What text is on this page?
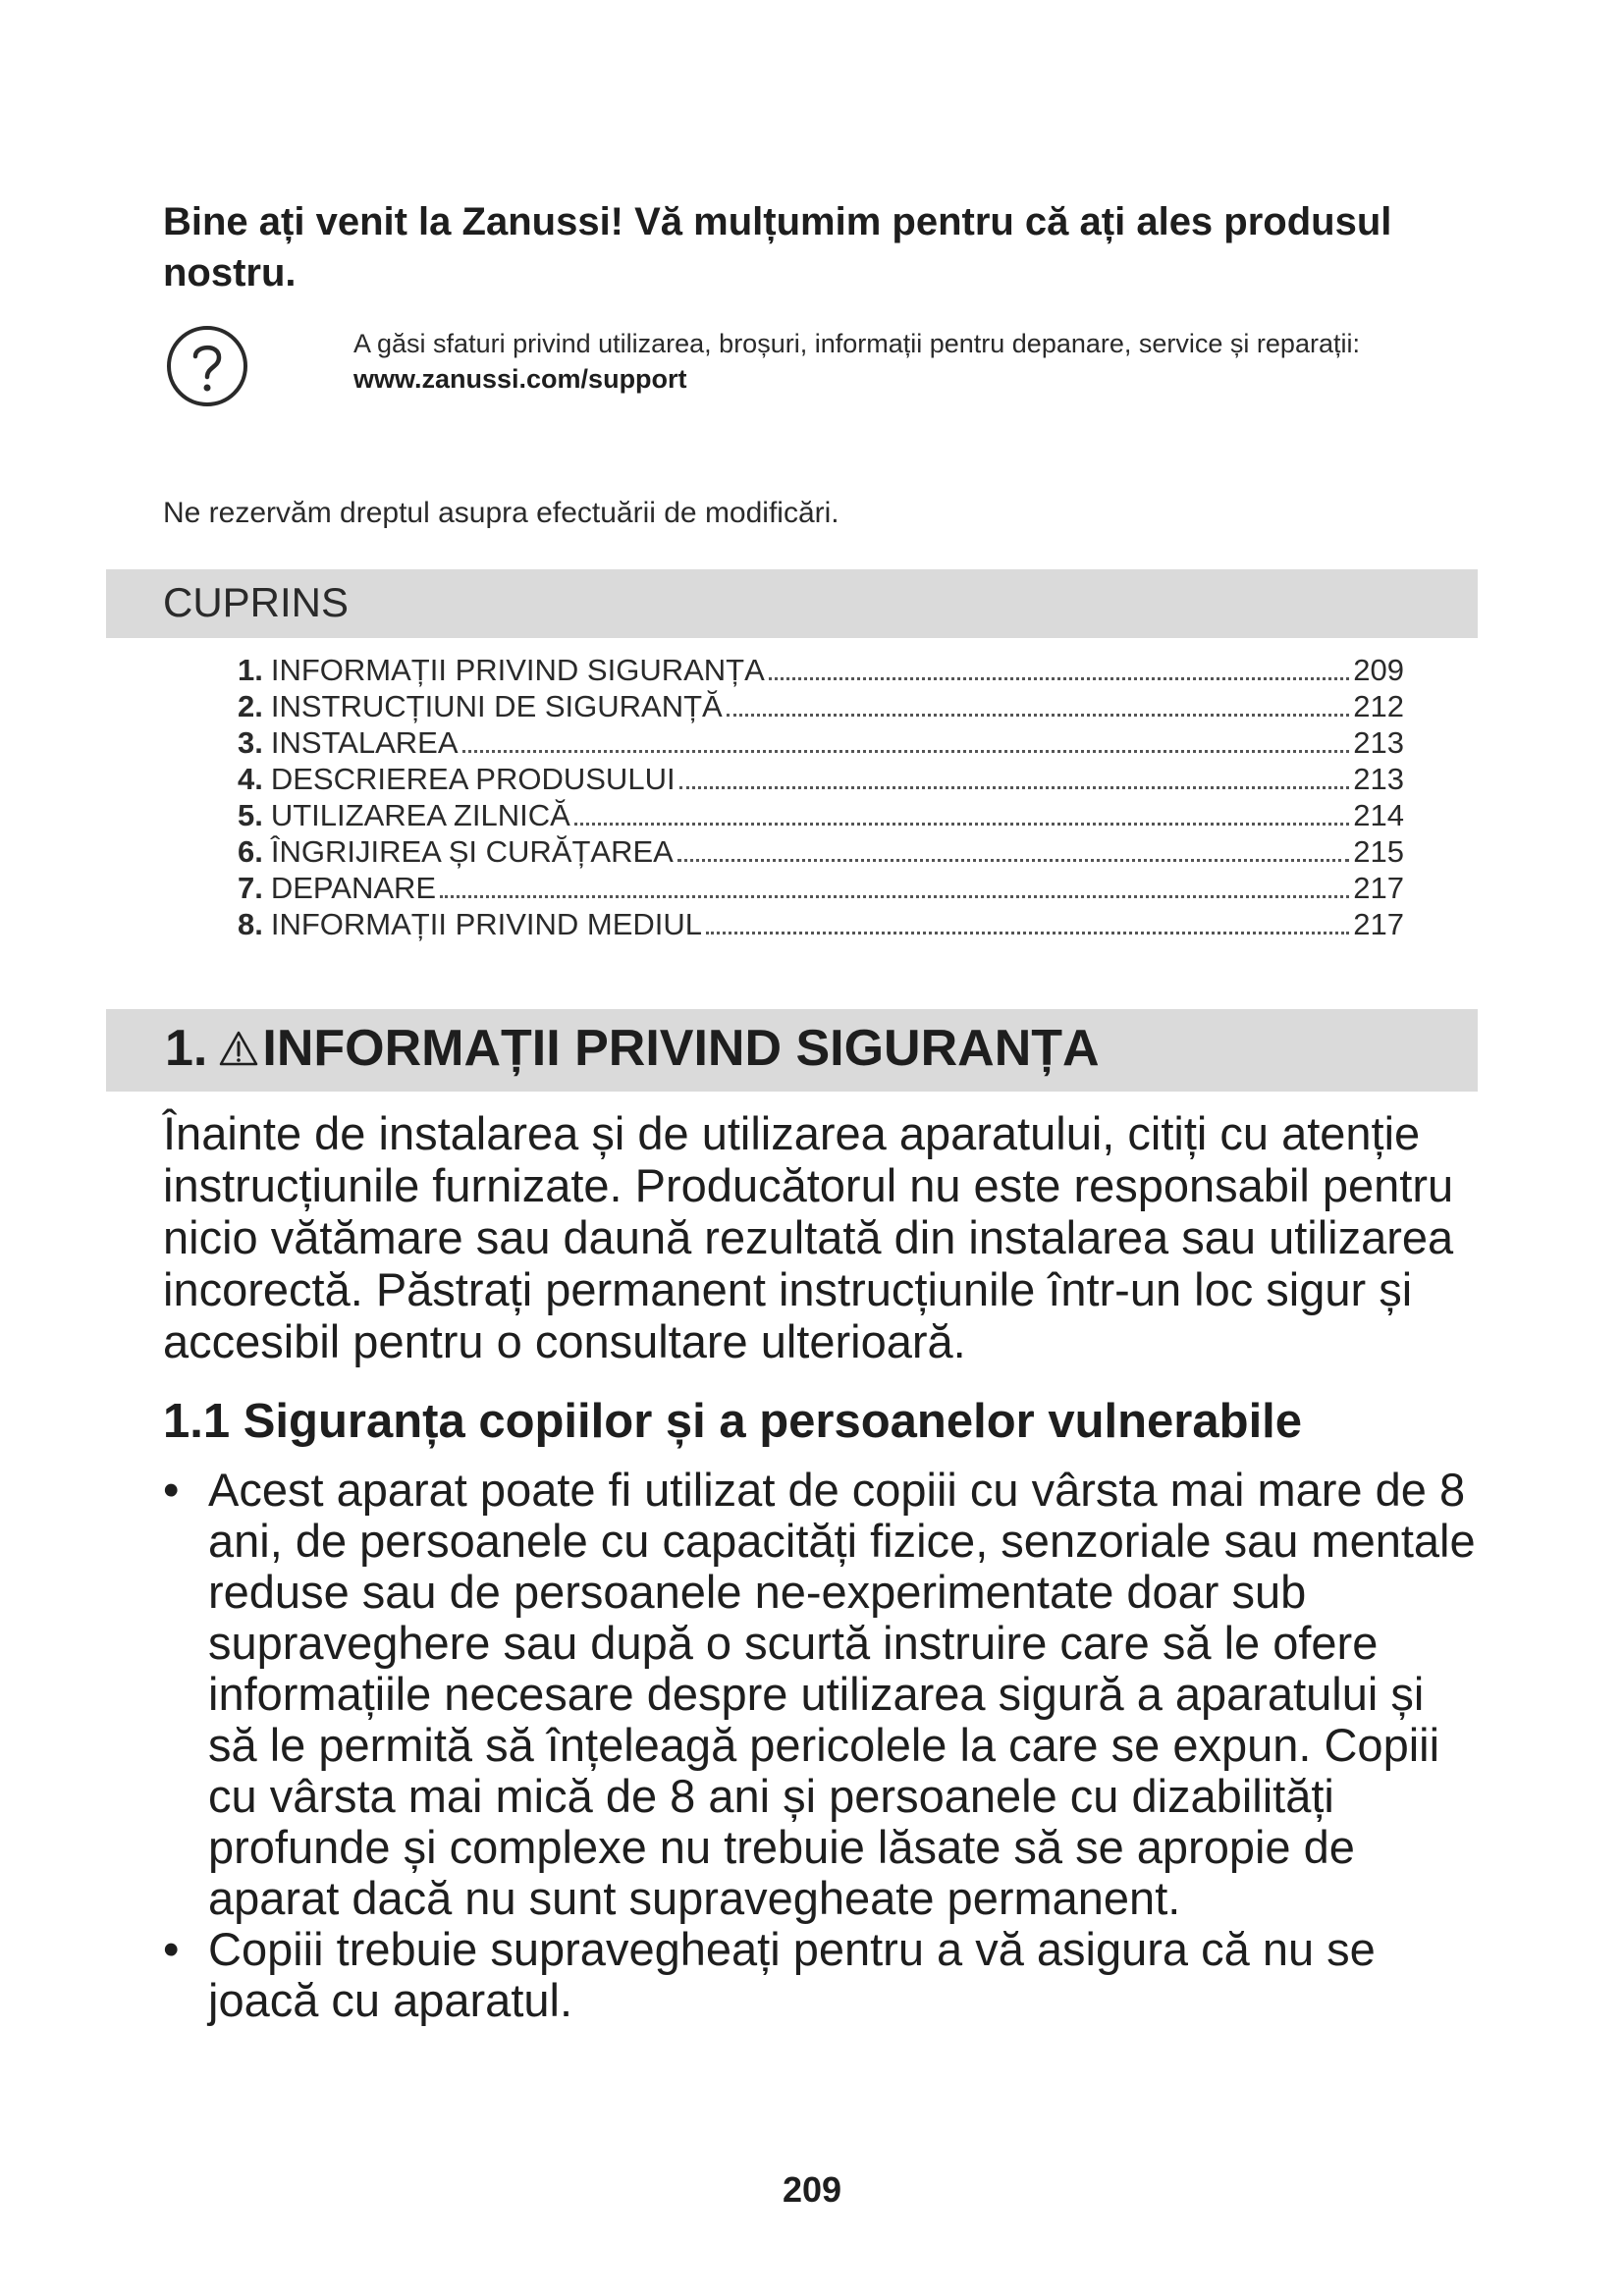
Bine ați venit la Zanussi! Vă mulțumim pentru că ați ales produsul nostru.
A găsi sfaturi privind utilizarea, broșuri, informații pentru depanare, service și reparații:
www.zanussi.com/support
Ne rezervăm dreptul asupra efectuării de modificări.
CUPRINS
1. INFORMAȚII PRIVIND SIGURANȚA	209
2. INSTRUCȚIUNI DE SIGURANȚĂ	212
3. INSTALAREA	213
4. DESCRIEREA PRODUSULUI	213
5. UTILIZAREA ZILNICĂ	214
6. ÎNGRIJIREA ȘI CURĂȚAREA	215
7. DEPANARE	217
8. INFORMAȚII PRIVIND MEDIUL	217
1. INFORMAȚII PRIVIND SIGURANȚA

Înainte de instalarea și de utilizarea aparatului, citiți cu atenție instrucțiunile furnizate. Producătorul nu este responsabil pentru nicio vătămare sau daună rezultată din instalarea sau utilizarea incorectă. Păstrați permanent instrucțiunile într-un loc sigur și accesibil pentru o consultare ulterioară.

1.1 Siguranța copiilor și a persoanelor vulnerabile
• Acest aparat poate fi utilizat de copiii cu vârsta mai mare de 8 ani, de persoanele cu capacități fizice, senzoriale sau mentale reduse sau de persoanele ne-experimentate doar sub supraveghere sau după o scurtă instruire care să le ofere informațiile necesare despre utilizarea sigură a aparatului și să le permită să înțeleagă pericolele la care se expun. Copiii cu vârsta mai mică de 8 ani și persoanele cu dizabilități profunde și complexe nu trebuie lăsate să se apropie de aparat dacă nu sunt supravegheate permanent.
• Copiii trebuie supravegheați pentru a vă asigura că nu se joacă cu aparatul.
209
